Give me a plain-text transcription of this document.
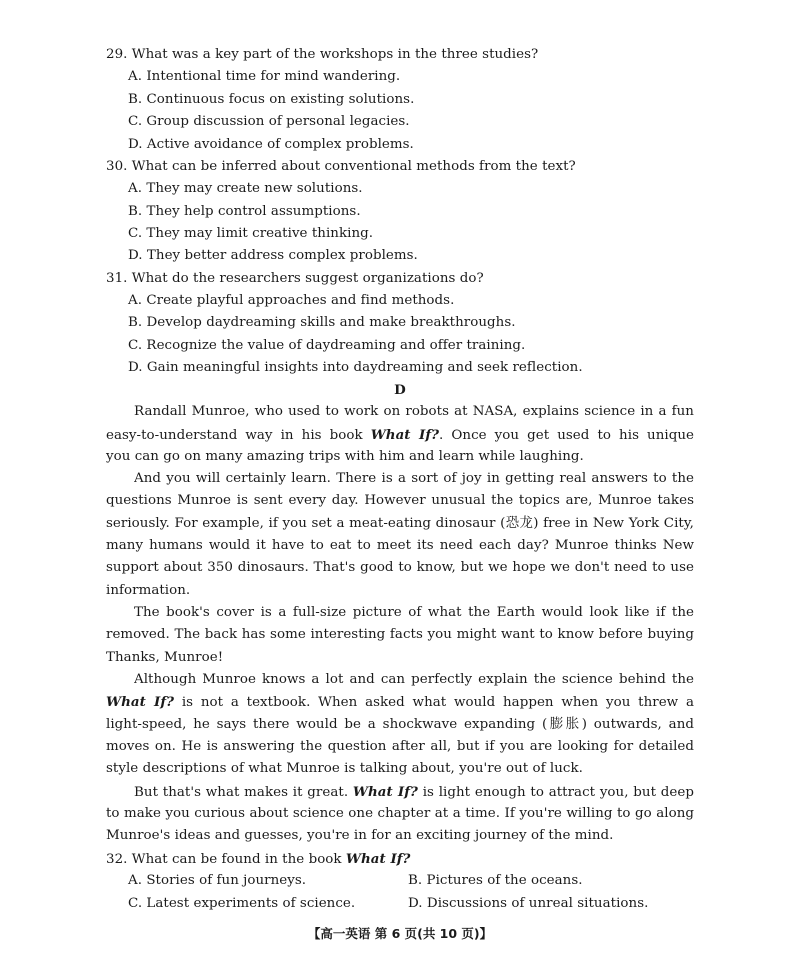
29. What was a key part of the workshops in the three studies?
A. Intentional time for mind wandering.
B. Continuous focus on existing solutions.
C. Group discussion of personal legacies.
D. Active avoidance of complex problems.
30. What can be inferred about conventional methods from the text?
A. They may create new solutions.
B. They help control assumptions.
C. They may limit creative thinking.
D. They better address complex problems.
31. What do the researchers suggest organizations do?
A. Create playful approaches and find methods.
B. Develop daydreaming skills and make breakthroughs.
C. Recognize the value of daydreaming and offer training.
D. Gain meaningful insights into daydreaming and seek reflection.
D
Randall Munroe, who used to work on robots at NASA, explains science in a fun
easy-to-understand way in his book What If?. Once you get used to his unique
you can go on many amazing trips with him and learn while laughing.
And you will certainly learn. There is a sort of joy in getting real answers to the
questions Munroe is sent every day. However unusual the topics are, Munroe takes
seriously. For example, if you set a meat-eating dinosaur (恐龙) free in New York City,
many humans would it have to eat to meet its need each day? Munroe thinks New
support about 350 dinosaurs. That's good to know, but we hope we don't need to use
information.
The book's cover is a full-size picture of what the Earth would look like if the
removed. The back has some interesting facts you might want to know before buying
Thanks, Munroe!
Although Munroe knows a lot and can perfectly explain the science behind the
What If? is not a textbook. When asked what would happen when you threw a
light-speed, he says there would be a shockwave expanding (膨胀) outwards, and
moves on. He is answering the question after all, but if you are looking for detailed
style descriptions of what Munroe is talking about, you're out of luck.
But that's what makes it great. What If? is light enough to attract you, but deep
to make you curious about science one chapter at a time. If you're willing to go along
Munroe's ideas and guesses, you're in for an exciting journey of the mind.
32. What can be found in the book What If?
A. Stories of fun journeys.	B. Pictures of the oceans.
C. Latest experiments of science.	D. Discussions of unreal situations.
【高一英语 第 6 页(共 10 页)】
